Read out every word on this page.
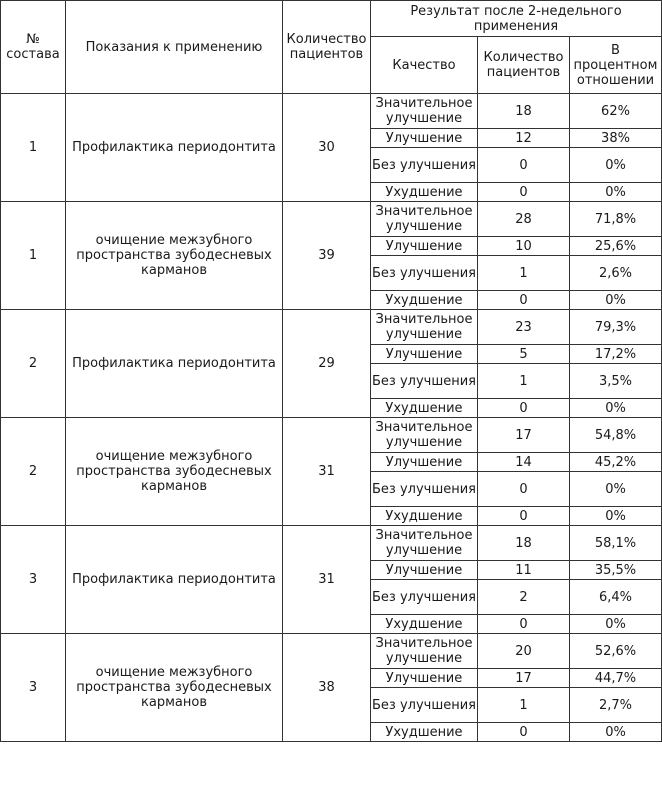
№ состава	Показания к применению	Количество пациентов	Результат после 2-недельного применения		
			Качество	Количество пациентов	В процентном отношении
1	Профилактика периодонтита	30	Значительное улучшение	18	62%
			Улучшение	12	38%
			Без улучшения	0	0%
			Ухудшение	0	0%
1	очищение межзубного пространства зубодесневых карманов	39	Значительное улучшение	28	71,8%
			Улучшение	10	25,6%
			Без улучшения	1	2,6%
			Ухудшение	0	0%
2	Профилактика периодонтита	29	Значительное улучшение	23	79,3%
			Улучшение	5	17,2%
			Без улучшения	1	3,5%
			Ухудшение	0	0%
2	очищение межзубного пространства зубодесневых карманов	31	Значительное улучшение	17	54,8%
			Улучшение	14	45,2%
			Без улучшения	0	0%
			Ухудшение	0	0%
3	Профилактика периодонтита	31	Значительное улучшение	18	58,1%
			Улучшение	11	35,5%
			Без улучшения	2	6,4%
			Ухудшение	0	0%
3	очищение межзубного пространства зубодесневых карманов	38	Значительное улучшение	20	52,6%
			Улучшение	17	44,7%
			Без улучшения	1	2,7%
			Ухудшение	0	0%
